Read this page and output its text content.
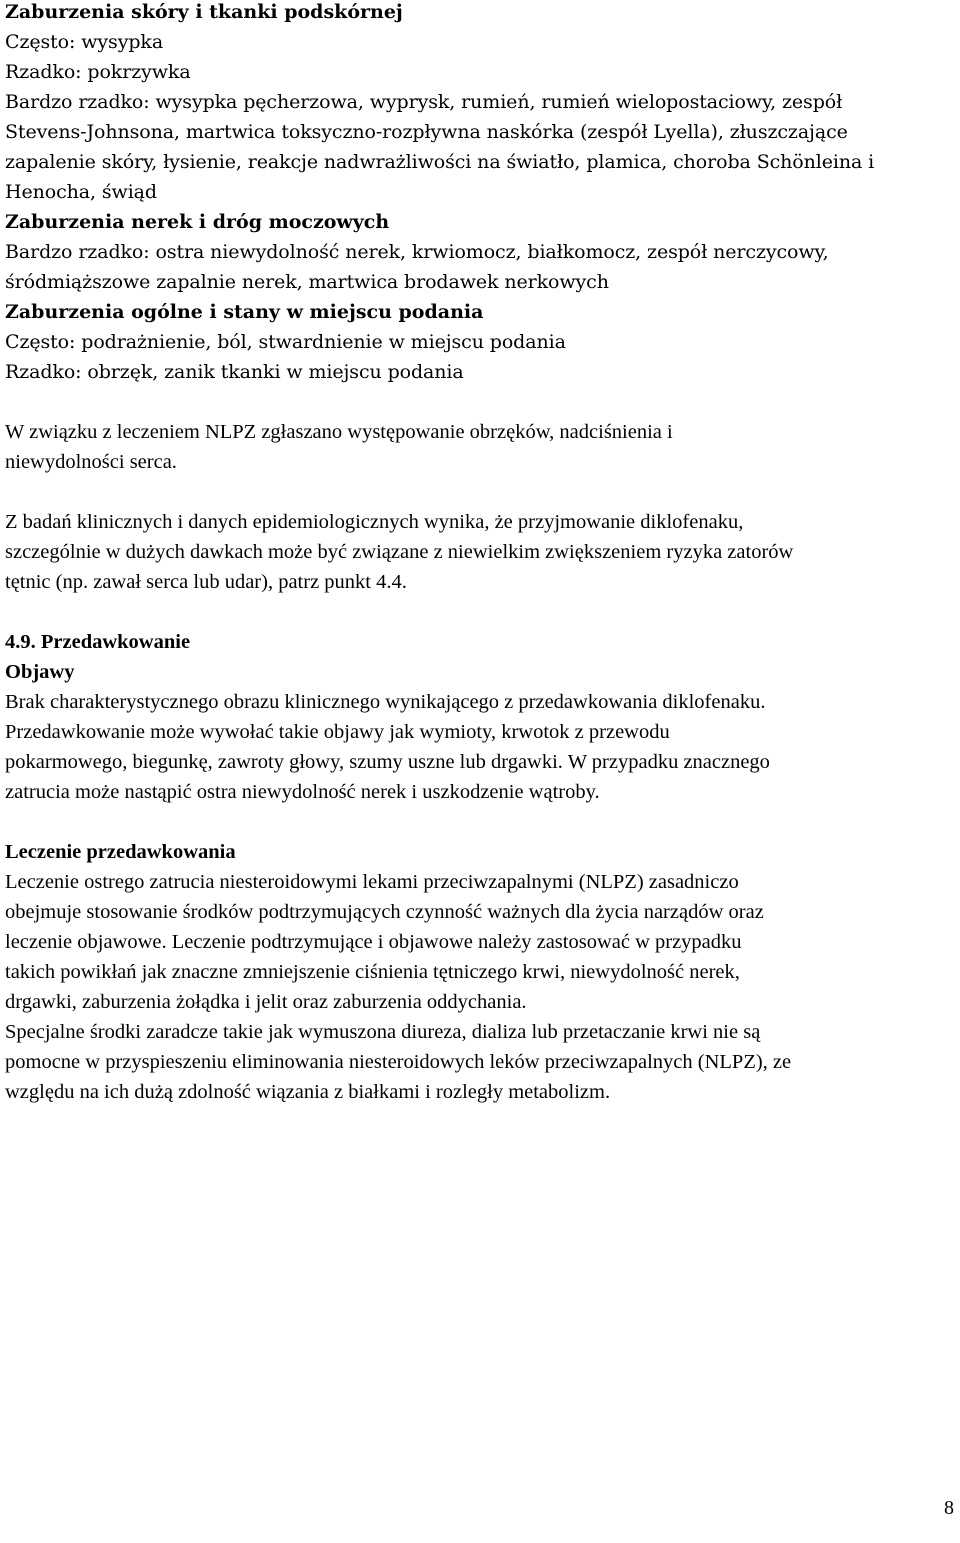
Zaburzenia skóry i tkanki podskórnej

Często: wysypka

Rzadko: pokrzywka

Bardzo rzadko: wysypka pęcherzowa, wyprysk, rumień, rumień wielopostaciowy, zespół

Stevens-Johnsona, martwica toksyczno-rozpływna naskórka (zespół Lyella), złuszczające

zapalenie skóry, łysienie, reakcje nadwrażliwości na światło, plamica, choroba Schönleina i

Henocha, świąd

Zaburzenia nerek i dróg moczowych

Bardzo rzadko: ostra niewydolność nerek, krwiomocz, białkomocz, zespół nerczycowy,

śródmiąższowe zapalnie nerek, martwica brodawek nerkowych

Zaburzenia ogólne i stany w miejscu podania

Często: podrażnienie, ból, stwardnienie w miejscu podania

Rzadko: obrzęk, zanik tkanki w miejscu podania

W związku z leczeniem NLPZ zgłaszano występowanie obrzęków, nadciśnienia i

niewydolności serca.

Z badań klinicznych i danych epidemiologicznych wynika, że przyjmowanie diklofenaku,

szczególnie w dużych dawkach może być związane z niewielkim zwiększeniem ryzyka zatorów

tętnic (np. zawał serca lub udar), patrz punkt 4.4.

4.9. Przedawkowanie

Objawy

Brak charakterystycznego obrazu klinicznego wynikającego z przedawkowania diklofenaku.

Przedawkowanie może wywołać takie objawy jak wymioty, krwotok z przewodu

pokarmowego, biegunkę, zawroty głowy, szumy uszne lub drgawki. W przypadku znacznego

zatrucia może nastąpić ostra niewydolność nerek i uszkodzenie wątroby.

Leczenie przedawkowania

Leczenie ostrego zatrucia niesteroidowymi lekami przeciwzapalnymi (NLPZ) zasadniczo

obejmuje stosowanie środków podtrzymujących czynność ważnych dla życia narządów oraz

leczenie objawowe. Leczenie podtrzymujące i objawowe należy zastosować w przypadku

takich powikłań jak znaczne zmniejszenie ciśnienia tętniczego krwi, niewydolność nerek,

drgawki, zaburzenia żołądka i jelit oraz zaburzenia oddychania.

Specjalne środki zaradcze takie jak wymuszona diureza, dializa lub przetaczanie krwi nie są

pomocne w przyspieszeniu eliminowania niesteroidowych leków przeciwzapalnych (NLPZ), ze

względu na ich dużą zdolność wiązania z białkami i rozległy metabolizm.

8
